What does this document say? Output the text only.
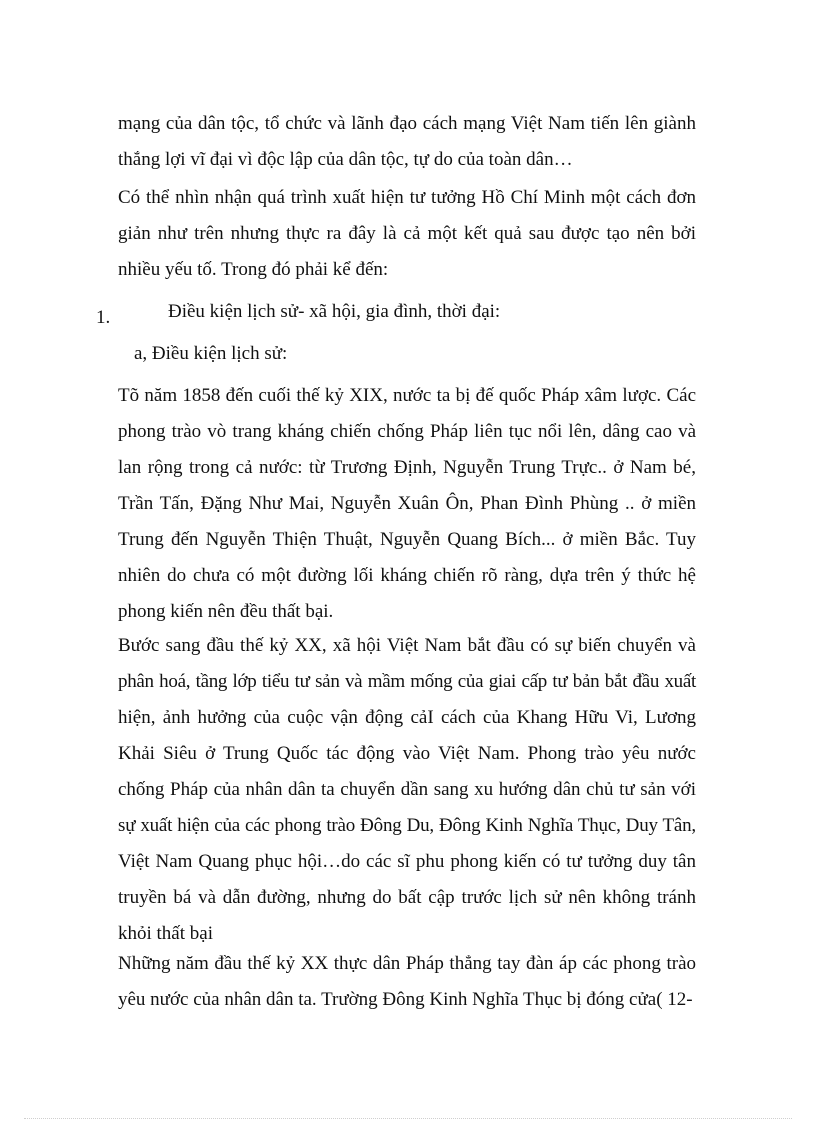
mạng của dân tộc, tổ chức và lãnh đạo cách mạng Việt Nam tiến lên giành
thắng lợi vĩ đại vì độc lập của dân tộc, tự do của toàn dân…

Có thể nhìn nhận quá trình xuất hiện tư tưởng Hồ Chí Minh một cách đơn
giản như trên nhưng thực ra đây là cả một kết quả sau được tạo nên bởi
nhiều yếu tố. Trong đó phải kể đến:

1.	Điều kiện lịch sử- xã hội, gia đình, thời đại:
a, Điều kiện lịch sử:

Tõ năm 1858 đến cuối thế kỷ XIX, nước ta bị đế quốc Pháp xâm lược. Các
phong trào vò trang kháng chiến chống Pháp liên tục nổi lên, dâng cao và
lan rộng trong cả nước: từ Trương Định, Nguyễn Trung Trực.. ở Nam bé,
Trần Tấn, Đặng Như Mai, Nguyễn Xuân Ôn, Phan Đình Phùng .. ở miền
Trung đến Nguyễn Thiện Thuật, Nguyễn Quang Bích... ở miền Bắc. Tuy
nhiên do chưa có một đường lối kháng chiến rõ ràng, dựa trên ý thức hệ
phong kiến nên đều thất bại.

Bước sang đầu thế kỷ XX, xã hội Việt Nam bắt đầu có sự biến chuyển và
phân hoá, tầng lớp tiểu tư sản và mầm mống của giai cấp tư bản bắt đầu xuất
hiện, ảnh hưởng của cuộc vận động cảI cách của Khang Hữu Vi, Lương
Khải Siêu ở Trung Quốc tác động vào Việt Nam. Phong trào yêu nước
chống Pháp của nhân dân ta chuyển dần sang xu hướng dân chủ tư sản với
sự xuất hiện của các phong trào Đông Du, Đông Kinh Nghĩa Thục, Duy Tân,
Việt Nam Quang phục hội…do các sĩ phu phong kiến có tư tưởng duy tân
truyền bá và dẫn đường, nhưng do bất cập trước lịch sử nên không tránh
khỏi thất bại

Những năm đầu thế kỷ XX thực dân Pháp thẳng tay đàn áp các phong trào
yêu nước của nhân dân ta. Trường Đông Kinh Nghĩa Thục bị đóng cửa( 12-
